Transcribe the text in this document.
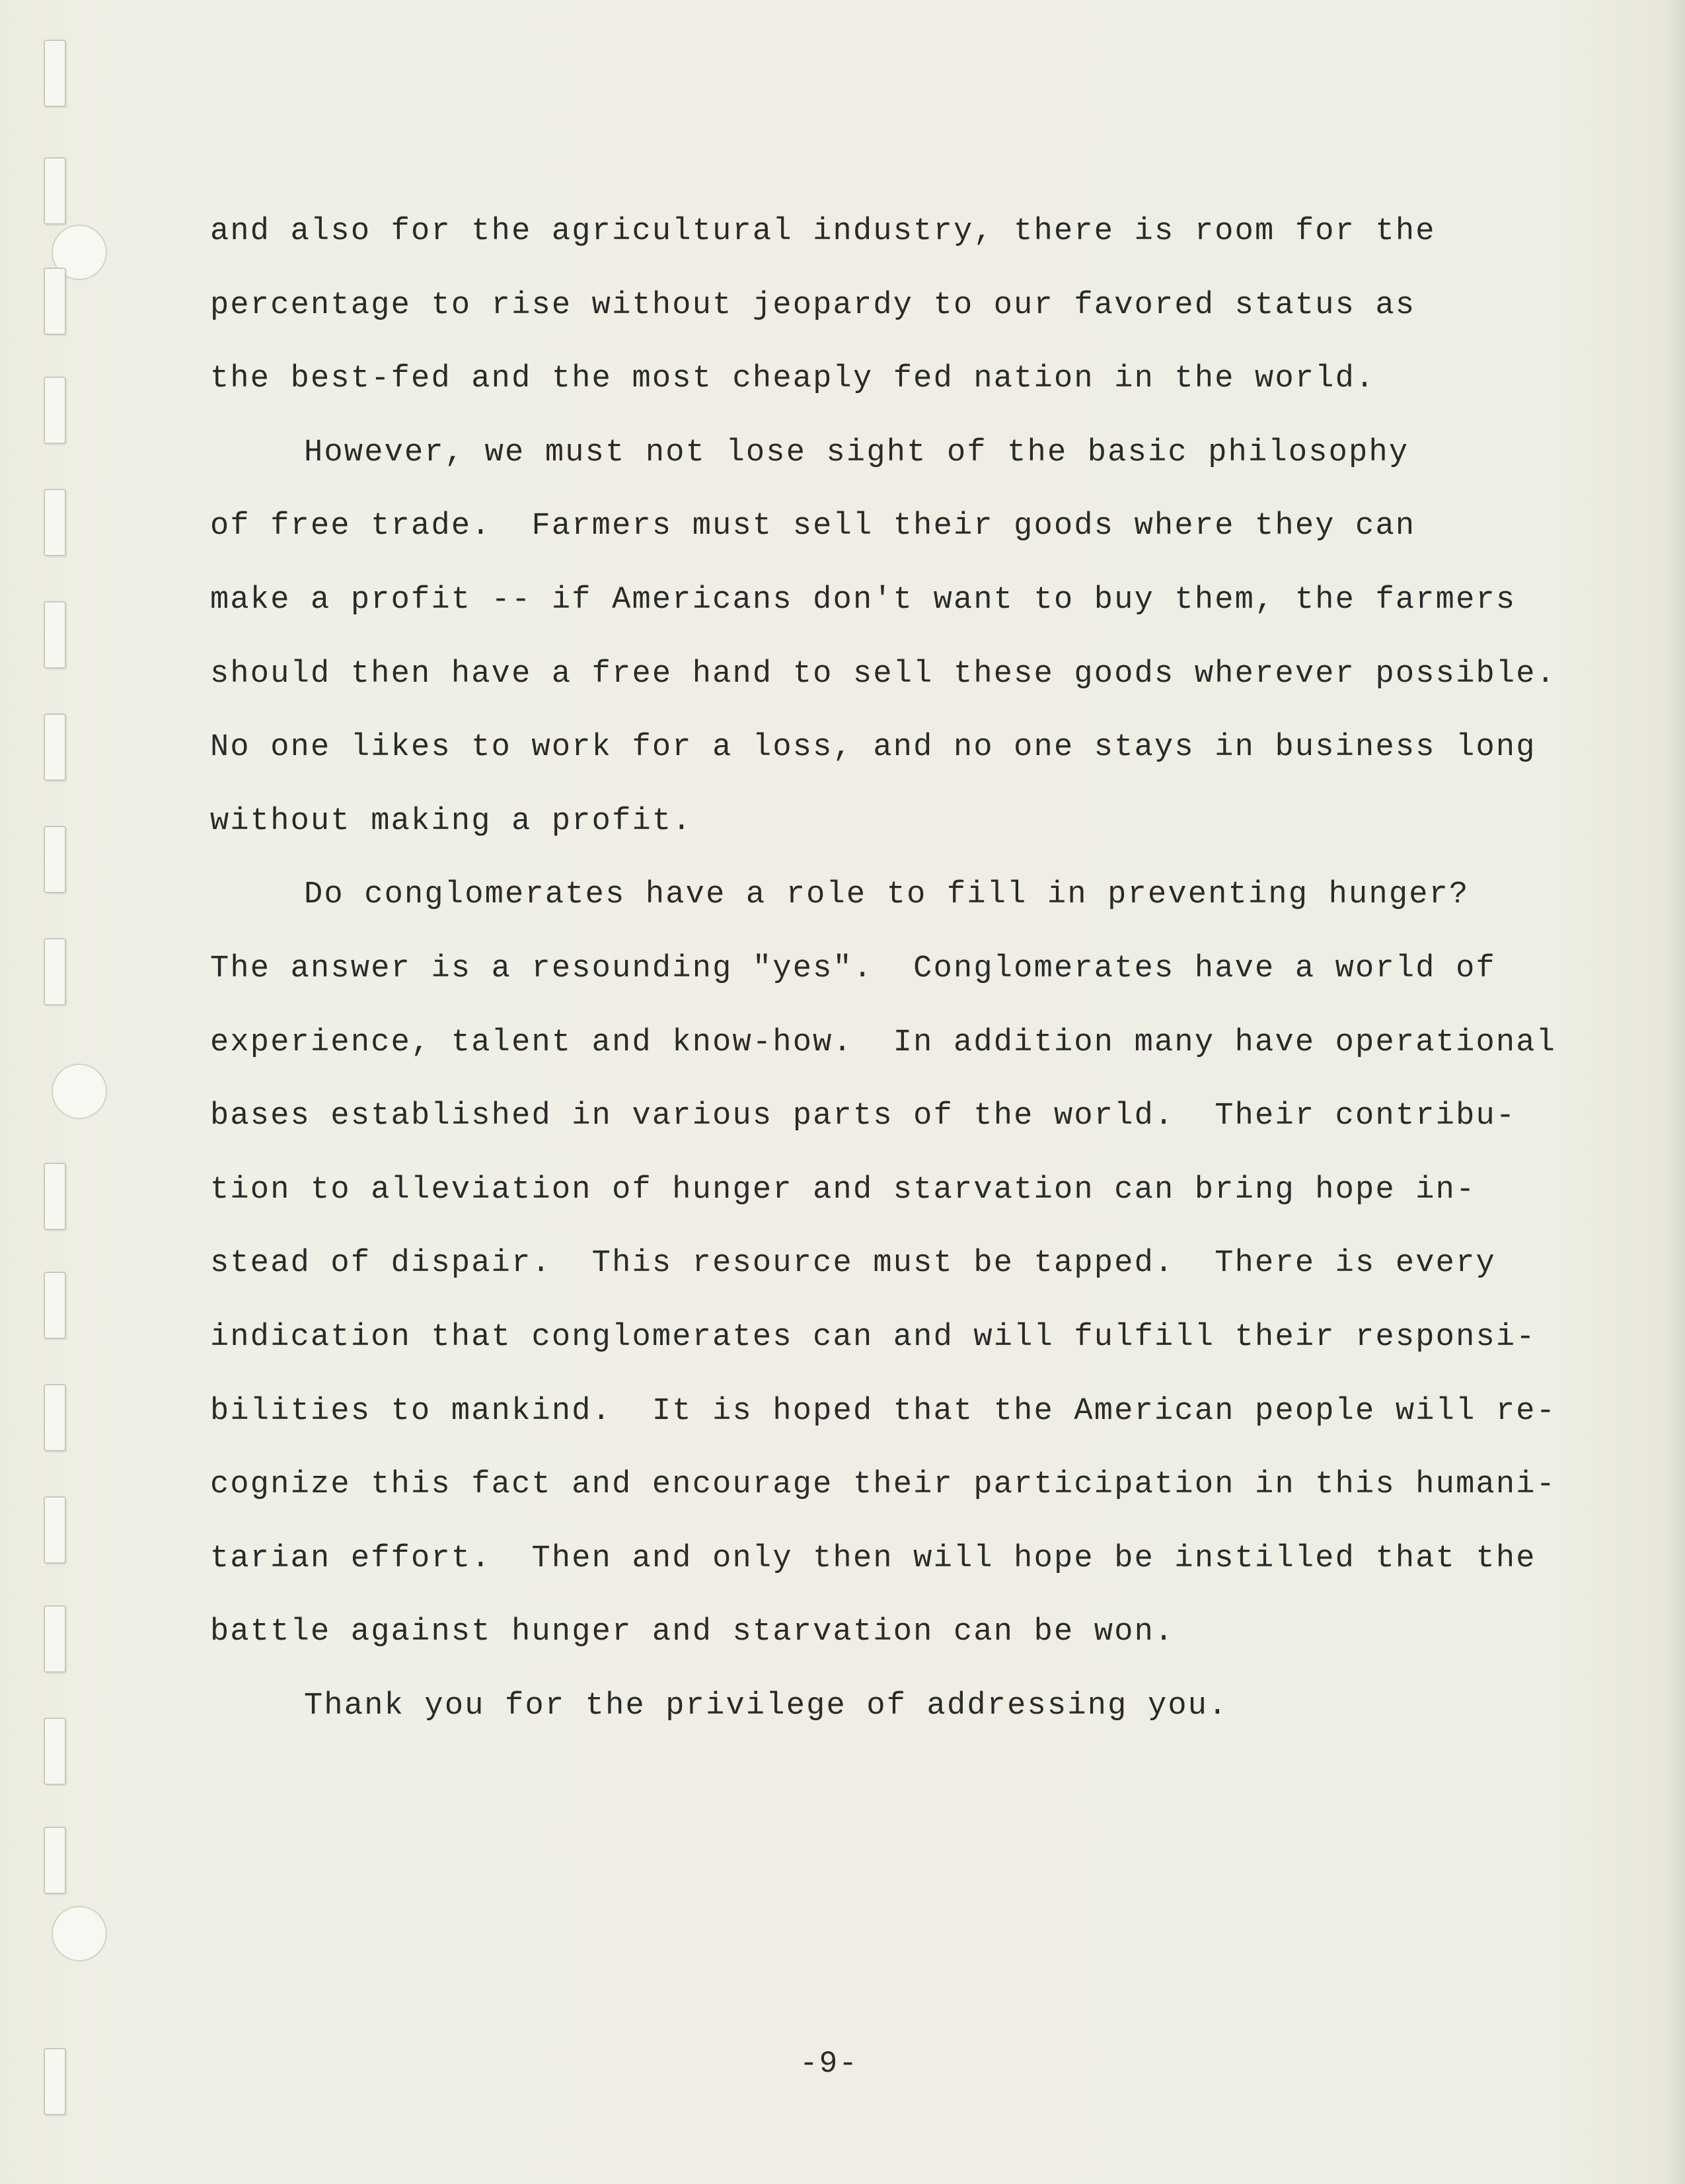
and also for the agricultural industry, there is room for the
percentage to rise without jeopardy to our favored status as
the best-fed and the most cheaply fed nation in the world.
However, we must not lose sight of the basic philosophy
of free trade.  Farmers must sell their goods where they can
make a profit -- if Americans don't want to buy them, the farmers
should then have a free hand to sell these goods wherever possible.
No one likes to work for a loss, and no one stays in business long
without making a profit.
Do conglomerates have a role to fill in preventing hunger?
The answer is a resounding "yes".  Conglomerates have a world of
experience, talent and know-how.  In addition many have operational
bases established in various parts of the world.  Their contribu-
tion to alleviation of hunger and starvation can bring hope in-
stead of dispair.  This resource must be tapped.  There is every
indication that conglomerates can and will fulfill their responsi-
bilities to mankind.  It is hoped that the American people will re-
cognize this fact and encourage their participation in this humani-
tarian effort.  Then and only then will hope be instilled that the
battle against hunger and starvation can be won.
Thank you for the privilege of addressing you.
-9-
